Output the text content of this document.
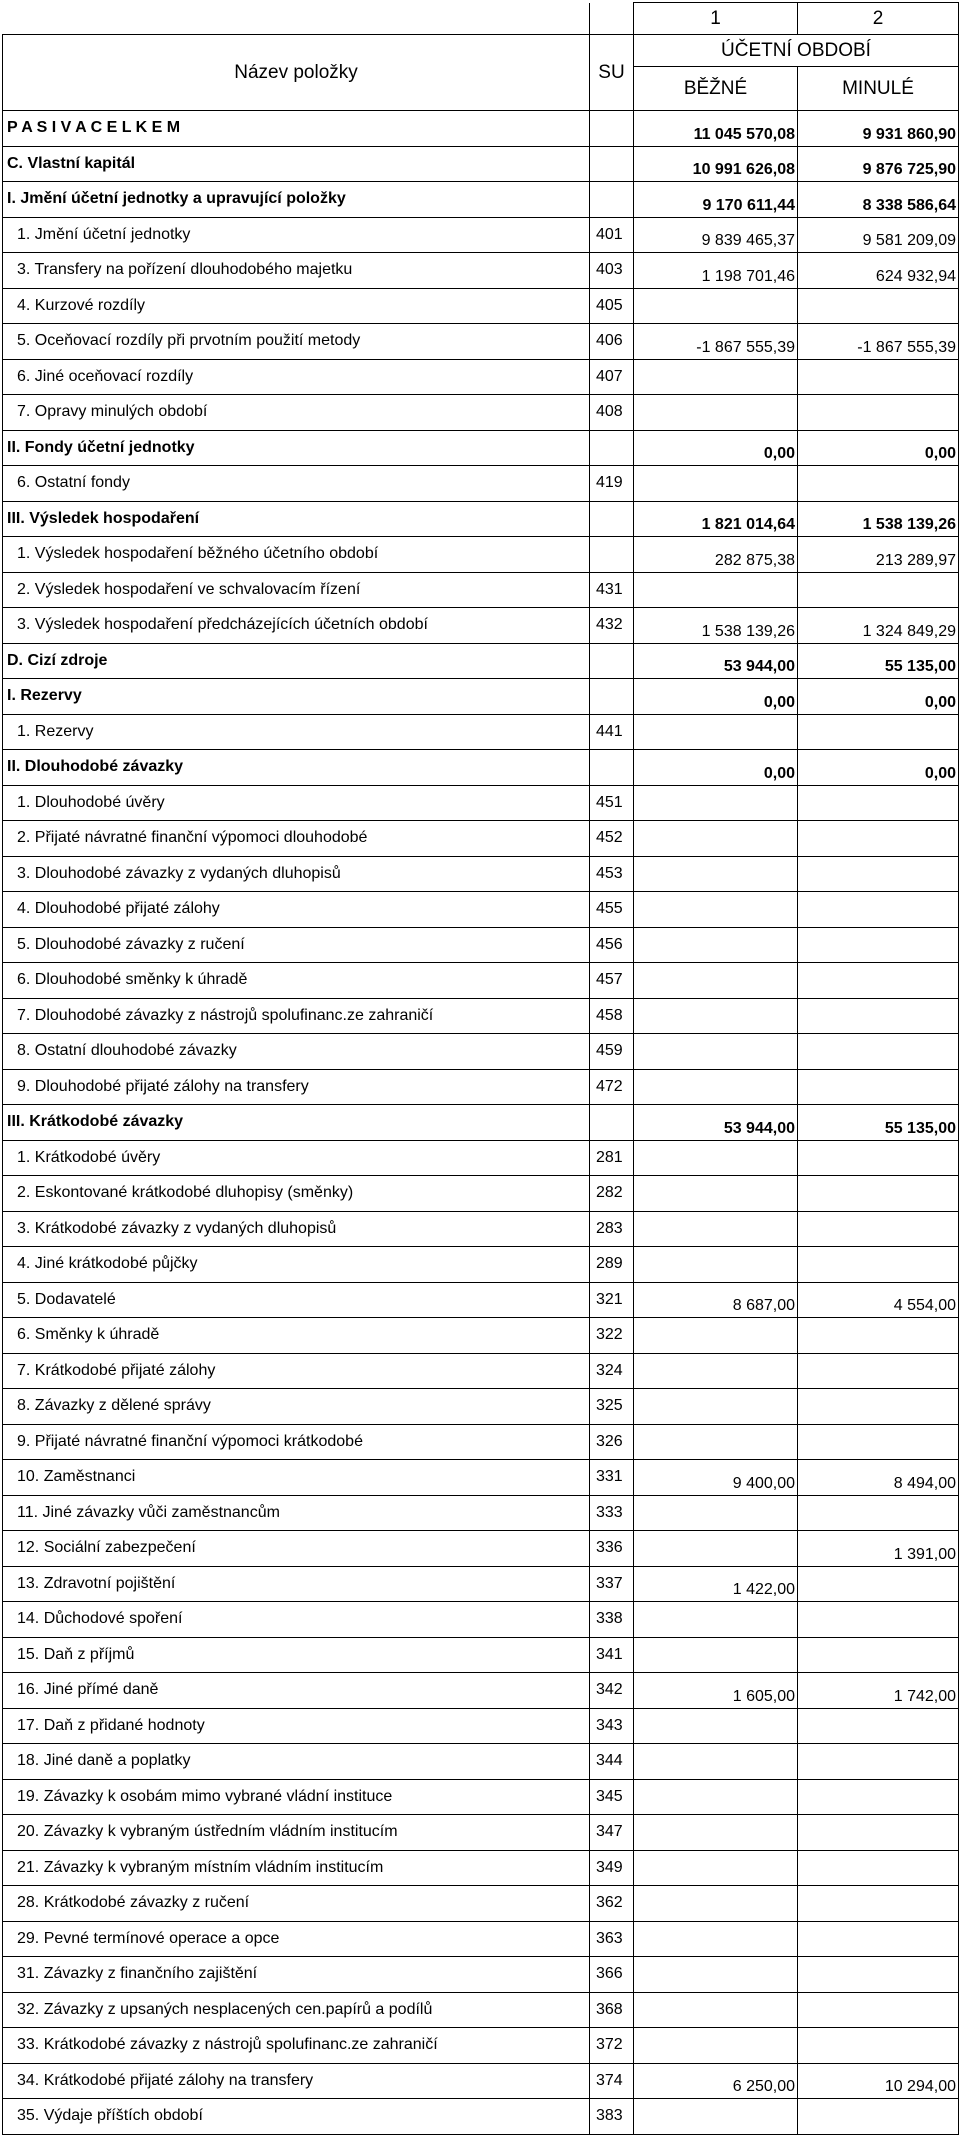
		1	2
Název položky	SU	ÚČETNÍ OBDOBÍ	
		BĚŽNÉ	MINULÉ
P A S I V A C E L K E M		11 045 570,08	9 931 860,90
C. Vlastní kapitál		10 991 626,08	9 876 725,90
I. Jmění účetní jednotky a upravující položky		9 170 611,44	8 338 586,64
1. Jmění účetní jednotky	401	9 839 465,37	9 581 209,09
3. Transfery na pořízení dlouhodobého majetku	403	1 198 701,46	624 932,94
4. Kurzové rozdíly	405		
5. Oceňovací rozdíly při prvotním použití metody	406	-1 867 555,39	-1 867 555,39
6. Jiné oceňovací rozdíly	407		
7. Opravy minulých období	408		
II. Fondy účetní jednotky		0,00	0,00
6. Ostatní fondy	419		
III. Výsledek hospodaření		1 821 014,64	1 538 139,26
1. Výsledek hospodaření běžného účetního období		282 875,38	213 289,97
2. Výsledek hospodaření ve schvalovacím řízení	431		
3. Výsledek hospodaření předcházejících účetních období	432	1 538 139,26	1 324 849,29
D. Cizí zdroje		53 944,00	55 135,00
I. Rezervy		0,00	0,00
1. Rezervy	441		
II. Dlouhodobé závazky		0,00	0,00
1. Dlouhodobé úvěry	451		
2. Přijaté návratné finanční výpomoci dlouhodobé	452		
3. Dlouhodobé závazky z vydaných dluhopisů	453		
4. Dlouhodobé přijaté zálohy	455		
5. Dlouhodobé závazky z ručení	456		
6. Dlouhodobé směnky k úhradě	457		
7. Dlouhodobé závazky z nástrojů spolufinanc.ze zahraničí	458		
8. Ostatní dlouhodobé závazky	459		
9. Dlouhodobé přijaté zálohy na transfery	472		
III. Krátkodobé závazky		53 944,00	55 135,00
1. Krátkodobé úvěry	281		
2. Eskontované krátkodobé dluhopisy (směnky)	282		
3. Krátkodobé závazky z vydaných dluhopisů	283		
4. Jiné krátkodobé půjčky	289		
5. Dodavatelé	321	8 687,00	4 554,00
6. Směnky k úhradě	322		
7. Krátkodobé přijaté zálohy	324		
8. Závazky z dělené správy	325		
9. Přijaté návratné finanční výpomoci krátkodobé	326		
10. Zaměstnanci	331	9 400,00	8 494,00
11. Jiné závazky vůči zaměstnancům	333		
12. Sociální zabezpečení	336		1 391,00
13. Zdravotní pojištění	337	1 422,00	
14. Důchodové spoření	338		
15. Daň z příjmů	341		
16. Jiné přímé daně	342	1 605,00	1 742,00
17. Daň z přidané hodnoty	343		
18. Jiné daně a poplatky	344		
19. Závazky k osobám mimo vybrané vládní instituce	345		
20. Závazky k vybraným ústředním vládním institucím	347		
21. Závazky k vybraným místním vládním institucím	349		
28. Krátkodobé závazky z ručení	362		
29. Pevné termínové operace a opce	363		
31. Závazky z finančního zajištění	366		
32. Závazky z upsaných nesplacených cen.papírů a podílů	368		
33. Krátkodobé závazky z nástrojů spolufinanc.ze zahraničí	372		
34. Krátkodobé přijaté zálohy na transfery	374	6 250,00	10 294,00
35. Výdaje příštích období	383		
